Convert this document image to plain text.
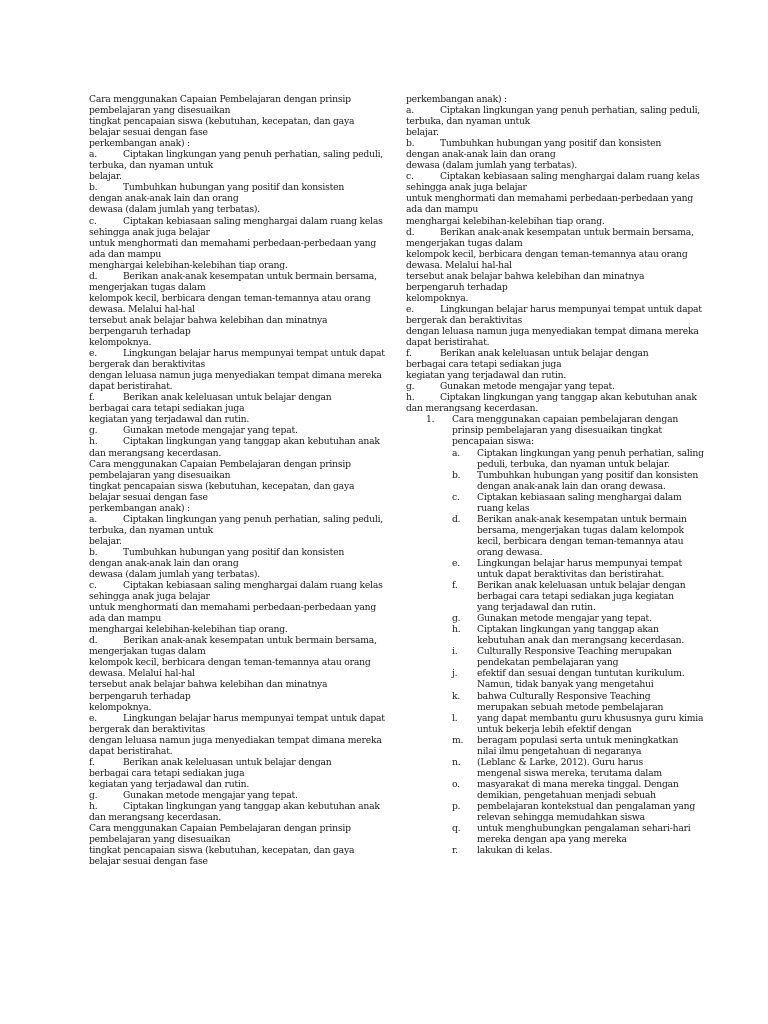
Cara menggunakan Capaian Pembelajaran dengan prinsip
pembelajaran yang disesuaikan
tingkat pencapaian siswa (kebutuhan, kecepatan, dan gaya
belajar sesuai dengan fase
perkembangan anak) :
a.	Ciptakan lingkungan yang penuh perhatian, saling peduli,
terbuka, dan nyaman untuk
belajar.
b.	Tumbuhkan hubungan yang positif dan konsisten
dengan anak-anak lain dan orang
dewasa (dalam jumlah yang terbatas).
c.	Ciptakan kebiasaan saling menghargai dalam ruang kelas
sehingga anak juga belajar
untuk menghormati dan memahami perbedaan-perbedaan yang
ada dan mampu
menghargai kelebihan-kelebihan tiap orang.
d.	Berikan anak-anak kesempatan untuk bermain bersama,
mengerjakan tugas dalam
kelompok kecil, berbicara dengan teman-temannya atau orang
dewasa. Melalui hal-hal
tersebut anak belajar bahwa kelebihan dan minatnya
berpengaruh terhadap
kelompoknya.
e.	Lingkungan belajar harus mempunyai tempat untuk dapat
bergerak dan beraktivitas
dengan leluasa namun juga menyediakan tempat dimana mereka
dapat beristirahat.
f.	Berikan anak keleluasan untuk belajar dengan
berbagai cara tetapi sediakan juga
kegiatan yang terjadawal dan rutin.
g.	Gunakan metode mengajar yang tepat.
h.	Ciptakan lingkungan yang tanggap akan kebutuhan anak
dan merangsang kecerdasan.
Cara menggunakan Capaian Pembelajaran dengan prinsip
pembelajaran yang disesuaikan
tingkat pencapaian siswa (kebutuhan, kecepatan, dan gaya
belajar sesuai dengan fase
perkembangan anak) :
a.	Ciptakan lingkungan yang penuh perhatian, saling peduli,
terbuka, dan nyaman untuk
belajar.
b.	Tumbuhkan hubungan yang positif dan konsisten
dengan anak-anak lain dan orang
dewasa (dalam jumlah yang terbatas).
c.	Ciptakan kebiasaan saling menghargai dalam ruang kelas
sehingga anak juga belajar
untuk menghormati dan memahami perbedaan-perbedaan yang
ada dan mampu
menghargai kelebihan-kelebihan tiap orang.
d.	Berikan anak-anak kesempatan untuk bermain bersama,
mengerjakan tugas dalam
kelompok kecil, berbicara dengan teman-temannya atau orang
dewasa. Melalui hal-hal
tersebut anak belajar bahwa kelebihan dan minatnya
berpengaruh terhadap
kelompoknya.
e.	Lingkungan belajar harus mempunyai tempat untuk dapat
bergerak dan beraktivitas
dengan leluasa namun juga menyediakan tempat dimana mereka
dapat beristirahat.
f.	Berikan anak keleluasan untuk belajar dengan
berbagai cara tetapi sediakan juga
kegiatan yang terjadawal dan rutin.
g.	Gunakan metode mengajar yang tepat.
h.	Ciptakan lingkungan yang tanggap akan kebutuhan anak
dan merangsang kecerdasan.
Cara menggunakan Capaian Pembelajaran dengan prinsip
pembelajaran yang disesuaikan
tingkat pencapaian siswa (kebutuhan, kecepatan, dan gaya
belajar sesuai dengan fase
perkembangan anak) :
a.	Ciptakan lingkungan yang penuh perhatian, saling peduli,
terbuka, dan nyaman untuk
belajar.
b.	Tumbuhkan hubungan yang positif dan konsisten
dengan anak-anak lain dan orang
dewasa (dalam jumlah yang terbatas).
c.	Ciptakan kebiasaan saling menghargai dalam ruang kelas
sehingga anak juga belajar
untuk menghormati dan memahami perbedaan-perbedaan yang
ada dan mampu
menghargai kelebihan-kelebihan tiap orang.
d.	Berikan anak-anak kesempatan untuk bermain bersama,
mengerjakan tugas dalam
kelompok kecil, berbicara dengan teman-temannya atau orang
dewasa. Melalui hal-hal
tersebut anak belajar bahwa kelebihan dan minatnya
berpengaruh terhadap
kelompoknya.
e.	Lingkungan belajar harus mempunyai tempat untuk dapat
bergerak dan beraktivitas
dengan leluasa namun juga menyediakan tempat dimana mereka
dapat beristirahat.
f.	Berikan anak keleluasan untuk belajar dengan
berbagai cara tetapi sediakan juga
kegiatan yang terjadawal dan rutin.
g.	Gunakan metode mengajar yang tepat.
h.	Ciptakan lingkungan yang tanggap akan kebutuhan anak
dan merangsang kecerdasan.
1. Cara menggunakan capaian pembelajaran dengan
prinsip pembelajaran yang disesuaikan tingkat
pencapaian siswa:
a. Ciptakan lingkungan yang penuh perhatian, saling
peduli, terbuka, dan nyaman untuk belajar.
b. Tumbuhkan hubungan yang positif dan konsisten
dengan anak-anak lain dan orang dewasa.
c. Ciptakan kebiasaan saling menghargai dalam
ruang kelas
d. Berikan anak-anak kesempatan untuk bermain
bersama, mengerjakan tugas dalam kelompok
kecil, berbicara dengan teman-temannya atau
orang dewasa.
e. Lingkungan belajar harus mempunyai tempat
untuk dapat beraktivitas dan beristirahat.
f. Berikan anak keleluasan untuk belajar dengan
berbagai cara tetapi sediakan juga kegiatan
yang terjadawal dan rutin.
g. Gunakan metode mengajar yang tepat.
h. Ciptakan lingkungan yang tanggap akan
kebutuhan anak dan merangsang kecerdasan.
i. Culturally Responsive Teaching merupakan
pendekatan pembelajaran yang
j. efektif dan sesuai dengan tuntutan kurikulum.
Namun, tidak banyak yang mengetahui
k. bahwa Culturally Responsive Teaching
merupakan sebuah metode pembelajaran
l. yang dapat membantu guru khususnya guru kimia
untuk bekerja lebih efektif dengan
m. beragam populasi serta untuk meningkatkan
nilai ilmu pengetahuan di negaranya
n. (Leblanc & Larke, 2012). Guru harus
mengenal siswa mereka, terutama dalam
o. masyarakat di mana mereka tinggal. Dengan
demikian, pengetahuan menjadi sebuah
p. pembelajaran kontekstual dan pengalaman yang
relevan sehingga memudahkan siswa
q. untuk menghubungkan pengalaman sehari-hari
mereka dengan apa yang mereka
r. lakukan di kelas.
